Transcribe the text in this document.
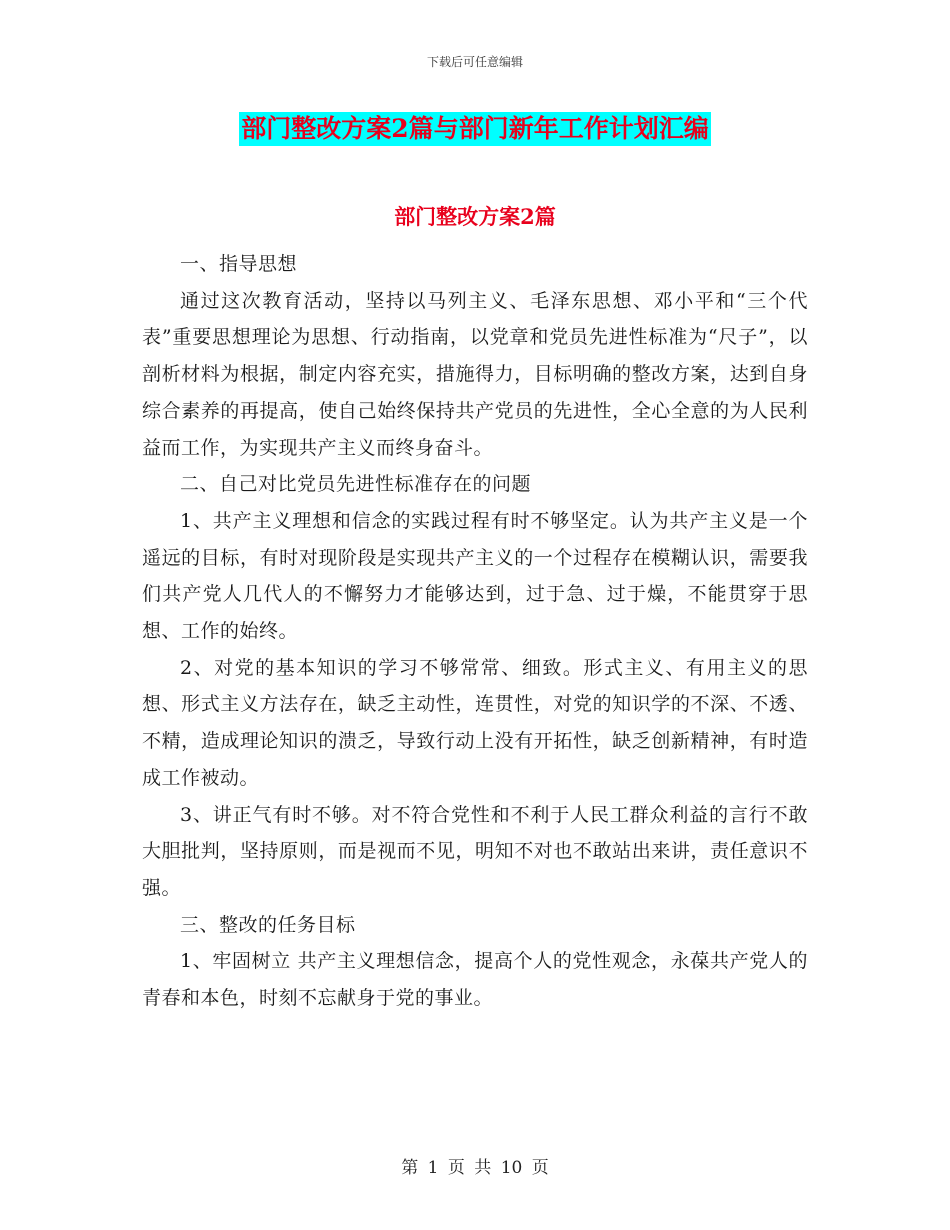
下载后可任意编辑
部门整改方案2篇与部门新年工作计划汇编
部门整改方案2篇

一、指导思想

通过这次教育活动，坚持以马列主义、毛泽东思想、邓小平和“三个代表”重要思想理论为思想、行动指南，以党章和党员先进性标准为“尺子”，以剖析材料为根据，制定内容充实，措施得力，目标明确的整改方案，达到自身综合素养的再提高，使自己始终保持共产党员的先进性，全心全意的为人民利益而工作，为实现共产主义而终身奋斗。

二、自己对比党员先进性标准存在的问题

1、共产主义理想和信念的实践过程有时不够坚定。认为共产主义是一个遥远的目标，有时对现阶段是实现共产主义的一个过程存在模糊认识，需要我们共产党人几代人的不懈努力才能够达到，过于急、过于燥，不能贯穿于思想、工作的始终。

2、对党的基本知识的学习不够常常、细致。形式主义、有用主义的思想、形式主义方法存在，缺乏主动性，连贯性，对党的知识学的不深、不透、不精，造成理论知识的溃乏，导致行动上没有开拓性，缺乏创新精神，有时造成工作被动。

3、讲正气有时不够。对不符合党性和不利于人民工群众利益的言行不敢大胆批判，坚持原则，而是视而不见，明知不对也不敢站出来讲，责任意识不强。

三、整改的任务目标

1、牢固树立 共产主义理想信念，提高个人的党性观念，永葆共产党人的青春和本色，时刻不忘献身于党的事业。

第 1 页 共 10 页
